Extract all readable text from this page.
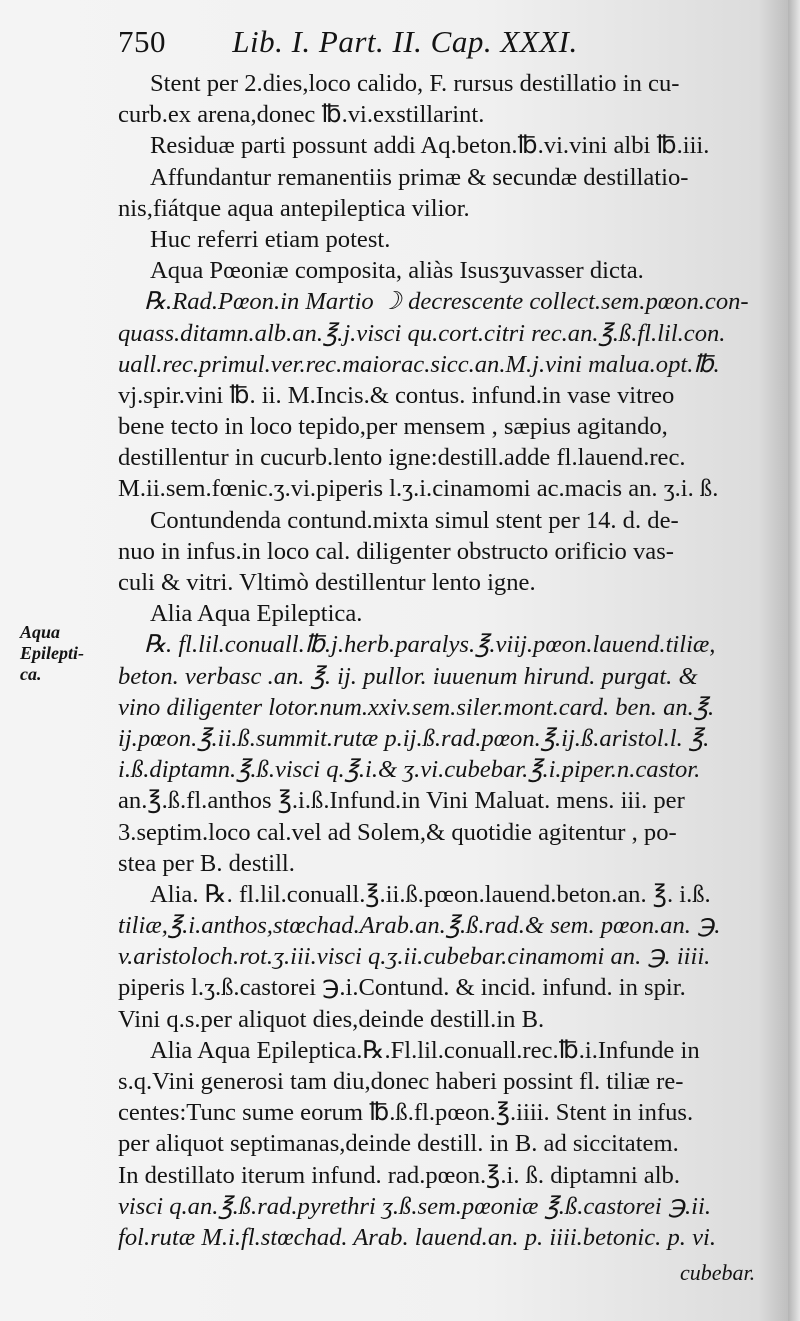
750 Lib. I. Part. II. Cap. XXXI.
Aqua
Epilepti-
ca.
Stent per 2.dies,loco calido, F. rursus destillatio in cu-
curb.ex arena,donec ℔.vi.exstillarint.
Residuæ parti possunt addi Aq.beton.℔.vi.vini albi ℔.iii.
Affundantur remanentiis primæ & secundæ destillatio-
nis,fiátque aqua antepileptica vilior.
Huc referri etiam potest.
Aqua Pœoniæ composita, aliàs Isusʒuvasser dicta.
℞.Rad.Pœon.in Martio ☽ decrescente collect.sem.pœon.con-
quass.ditamn.alb.an.℥.j.visci qu.cort.citri rec.an.℥.ß.fl.lil.con.
uall.rec.primul.ver.rec.maiorac.sicc.an.M.j.vini malua.opt.℔.
vj.spir.vini ℔. ii. M.Incis.& contus. infund.in vase vitreo
bene tecto in loco tepido,per mensem , sæpius agitando,
destillentur in cucurb.lento igne:destill.adde fl.lauend.rec.
M.ii.sem.fœnic.ʒ.vi.piperis l.ʒ.i.cinamomi ac.macis an. ʒ.i. ß.
Contundenda contund.mixta simul stent per 14. d. de-
nuo in infus.in loco cal. diligenter obstructo orificio vas-
culi & vitri. Vltimò destillentur lento igne.
Alia Aqua Epileptica.
℞. fl.lil.conuall.℔.j.herb.paralys.℥.viij.pœon.lauend.tiliæ,
beton. verbasc .an. ℥. ij. pullor. iuuenum hirund. purgat. &
vino diligenter lotor.num.xxiv.sem.siler.mont.card. ben. an.℥.
ij.pœon.℥.ii.ß.summit.rutæ p.ij.ß.rad.pœon.℥.ij.ß.aristol.l. ℥.
i.ß.diptamn.℥.ß.visci q.℥.i.& ʒ.vi.cubebar.℥.i.piper.n.castor.
an.℥.ß.fl.anthos ℥.i.ß.Infund.in Vini Maluat. mens. iii. per
3.septim.loco cal.vel ad Solem,& quotidie agitentur , po-
stea per B. destill.
Alia. ℞. fl.lil.conuall.℥.ii.ß.pœon.lauend.beton.an. ℥. i.ß.
tiliæ,℥.i.anthos,stœchad.Arab.an.℥.ß.rad.& sem. pœon.an. ℈.
v.aristoloch.rot.ʒ.iii.visci q.ʒ.ii.cubebar.cinamomi an. ℈. iiii.
piperis l.ʒ.ß.castorei ℈.i.Contund. & incid. infund. in spir.
Vini q.s.per aliquot dies,deinde destill.in B.
Alia Aqua Epileptica.℞.Fl.lil.conuall.rec.℔.i.Infunde in
s.q.Vini generosi tam diu,donec haberi possint fl. tiliæ re-
centes:Tunc sume eorum ℔.ß.fl.pœon.℥.iiii. Stent in infus.
per aliquot septimanas,deinde destill. in B. ad siccitatem.
In destillato iterum infund. rad.pœon.℥.i. ß. diptamni alb.
visci q.an.℥.ß.rad.pyrethri ʒ.ß.sem.pœoniæ ℥.ß.castorei ℈.ii.
fol.rutæ M.i.fl.stœchad. Arab. lauend.an. p. iiii.betonic. p. vi.
cubebar.
